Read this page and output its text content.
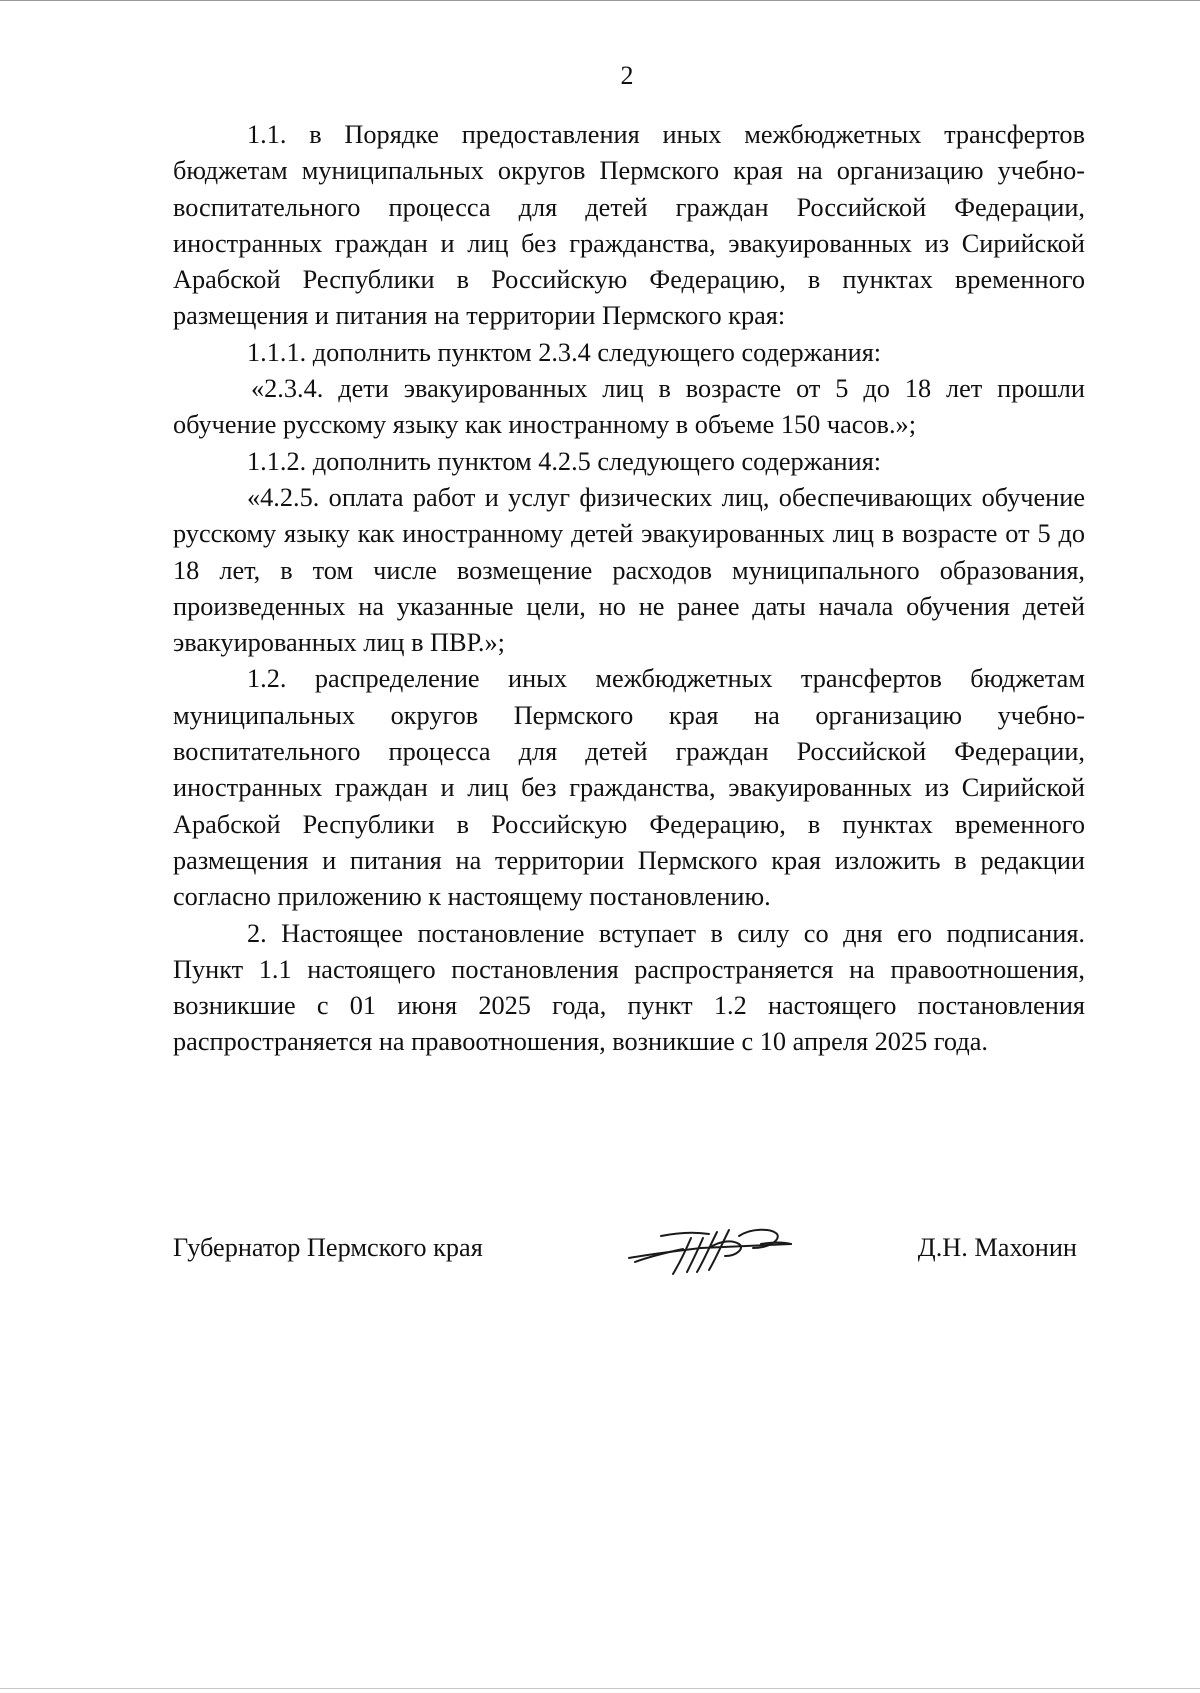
2

1.1. в Порядке предоставления иных межбюджетных трансфертов бюджетам муниципальных округов Пермского края на организацию учебно-воспитательного процесса для детей граждан Российской Федерации, иностранных граждан и лиц без гражданства, эвакуированных из Сирийской Арабской Республики в Российскую Федерацию, в пунктах временного размещения и питания на территории Пермского края:

1.1.1. дополнить пунктом 2.3.4 следующего содержания:

«2.3.4. дети эвакуированных лиц в возрасте от 5 до 18 лет прошли обучение русскому языку как иностранному в объеме 150 часов.»;

1.1.2. дополнить пунктом 4.2.5 следующего содержания:

«4.2.5. оплата работ и услуг физических лиц, обеспечивающих обучение русскому языку как иностранному детей эвакуированных лиц в возрасте от 5 до 18 лет, в том числе возмещение расходов муниципального образования, произведенных на указанные цели, но не ранее даты начала обучения детей эвакуированных лиц в ПВР.»;

1.2. распределение иных межбюджетных трансфертов бюджетам муниципальных округов Пермского края на организацию учебно-воспитательного процесса для детей граждан Российской Федерации, иностранных граждан и лиц без гражданства, эвакуированных из Сирийской Арабской Республики в Российскую Федерацию, в пунктах временного размещения и питания на территории Пермского края изложить в редакции согласно приложению к настоящему постановлению.

2. Настоящее постановление вступает в силу со дня его подписания. Пункт 1.1 настоящего постановления распространяется на правоотношения, возникшие с 01 июня 2025 года, пункт 1.2 настоящего постановления распространяется на правоотношения, возникшие с 10 апреля 2025 года.

Губернатор Пермского края	Д.Н. Махонин
